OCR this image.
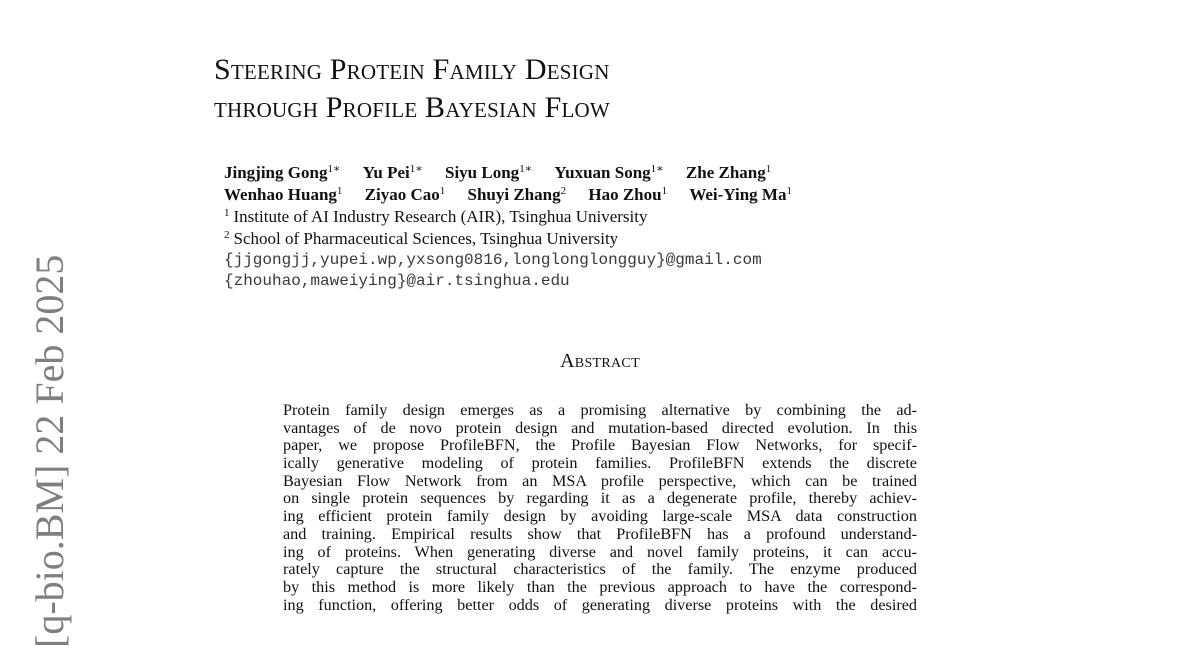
[q-bio.BM] 22 Feb 2025
Steering Protein Family Design
through Profile Bayesian Flow
Jingjing Gong$^{1∗}$ Yu Pei$^{1∗}$ Siyu Long$^{1∗}$ Yuxuan Song$^{1∗}$ Zhe Zhang$^1$
Wenhao Huang$^1$ Ziyao Cao$^1$ Shuyi Zhang$^2$ Hao Zhou$^1$ Wei-Ying Ma$^1$
$^1$ Institute of AI Industry Research (AIR), Tsinghua University
$^2$ School of Pharmaceutical Sciences, Tsinghua University
{jjgongjj,yupei.wp,yxsong0816,longlonglongguy}@gmail.com
{zhouhao,maweiying}@air.tsinghua.edu
Abstract
Protein family design emerges as a promising alternative by combining the ad-
vantages of de novo protein design and mutation-based directed evolution. In this
paper, we propose ProfileBFN, the Profile Bayesian Flow Networks, for specif-
ically generative modeling of protein families. ProfileBFN extends the discrete
Bayesian Flow Network from an MSA profile perspective, which can be trained
on single protein sequences by regarding it as a degenerate profile, thereby achiev-
ing efficient protein family design by avoiding large-scale MSA data construction
and training. Empirical results show that ProfileBFN has a profound understand-
ing of proteins. When generating diverse and novel family proteins, it can accu-
rately capture the structural characteristics of the family. The enzyme produced
by this method is more likely than the previous approach to have the correspond-
ing function, offering better odds of generating diverse proteins with the desired
